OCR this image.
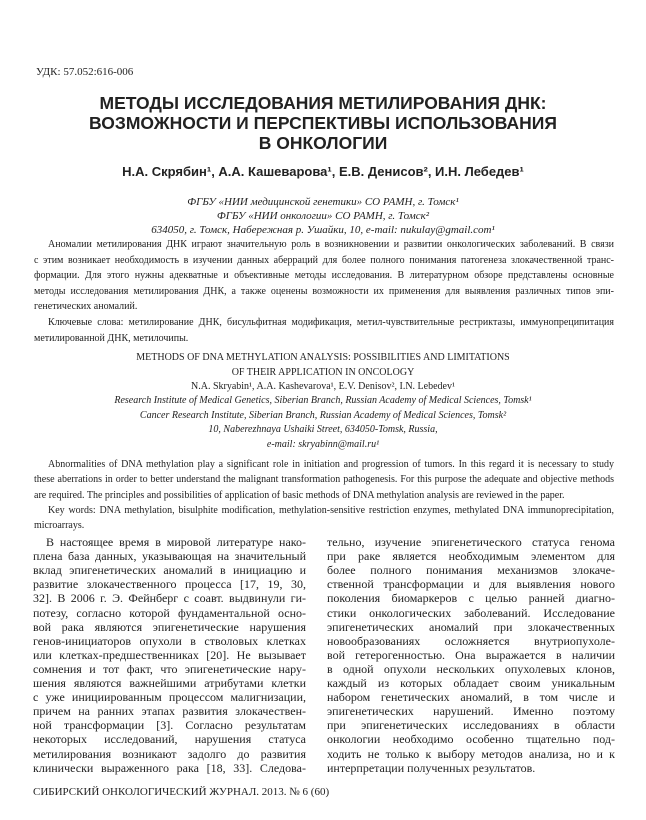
УДК: 57.052:616-006
МЕТОДЫ ИССЛЕДОВАНИЯ МЕТИЛИРОВАНИЯ ДНК:
ВОЗМОЖНОСТИ И ПЕРСПЕКТИВЫ ИСПОЛЬЗОВАНИЯ
В ОНКОЛОГИИ
Н.А. Скрябин¹, А.А. Кашеварова¹, Е.В. Денисов², И.Н. Лебедев¹
ФГБУ «НИИ медицинской генетики» СО РАМН, г. Томск¹
ФГБУ «НИИ онкологии» СО РАМН, г. Томск²
634050, г. Томск, Набережная р. Ушайки, 10, e-mail: nukulay@gmail.com¹
Аномалии метилирования ДНК играют значительную роль в возникновении и развитии онкологических заболеваний. В связи
с этим возникает необходимость в изучении данных аберраций для более полного понимания патогенеза злокачественной транс-
формации. Для этого нужны адекватные и объективные методы исследования. В литературном обзоре представлены основные
методы исследования метилирования ДНК, а также оценены возможности их применения для выявления различных типов эпи-
генетических аномалий.
Ключевые слова: метилирование ДНК, бисульфитная модификация, метил-чувствительные рестриктазы, иммунопреципитация
метилированной ДНК, метилочипы.
METHODS OF DNA METHYLATION ANALYSIS: POSSIBILITIES AND LIMITATIONS
OF THEIR APPLICATION IN ONCOLOGY
N.A. Skryabin¹, A.A. Kashevarova¹, E.V. Denisov², I.N. Lebedev¹
Research Institute of Medical Genetics, Siberian Branch, Russian Academy of Medical Sciences, Tomsk¹
Cancer Research Institute, Siberian Branch, Russian Academy of Medical Sciences, Tomsk²
10, Naberezhnaya Ushaiki Street, 634050-Tomsk, Russia,
e-mail: skryabinn@mail.ru¹
Abnormalities of DNA methylation play a significant role in initiation and progression of tumors. In this regard it is necessary to study
these aberrations in order to better understand the malignant transformation pathogenesis. For this purpose the adequate and objective methods
are required. The principles and possibilities of application of basic methods of DNA methylation analysis are reviewed in the paper.
Key words: DNA methylation, bisulphite modification, methylation-sensitive restriction enzymes, methylated DNA immunoprecipitation,
microarrays.
В настоящее время в мировой литературе нако-
плена база данных, указывающая на значительный
вклад эпигенетических аномалий в инициацию и
развитие злокачественного процесса [17, 19, 30,
32]. В 2006 г. Э. Фейнберг с соавт. выдвинули ги-
потезу, согласно которой фундаментальной осно-
вой рака являются эпигенетические нарушения
генов-инициаторов опухоли в стволовых клетках
или клетках-предшественниках [20]. Не вызывает
сомнения и тот факт, что эпигенетические нару-
шения являются важнейшими атрибутами клетки
с уже инициированным процессом малигнизации,
причем на ранних этапах развития злокачествен-
ной трансформации [3]. Согласно результатам
некоторых исследований, нарушения статуса
метилирования возникают задолго до развития
клинически выраженного рака [18, 33]. Следова-
тельно, изучение эпигенетического статуса генома
при раке является необходимым элементом для
более полного понимания механизмов злокаче-
ственной трансформации и для выявления нового
поколения биомаркеров с целью ранней диагно-
стики онкологических заболеваний. Исследование
эпигенетических аномалий при злокачественных
новообразованиях осложняется внутриопухоле-
вой гетерогенностью. Она выражается в наличии
в одной опухоли нескольких опухолевых клонов,
каждый из которых обладает своим уникальным
набором генетических аномалий, в том числе и
эпигенетических нарушений. Именно поэтому
при эпигенетических исследованиях в области
онкологии необходимо особенно тщательно под-
ходить не только к выбору методов анализа, но и к
интерпретации полученных результатов.
СИБИРСКИЙ ОНКОЛОГИЧЕСКИЙ ЖУРНАЛ. 2013. № 6 (60)
